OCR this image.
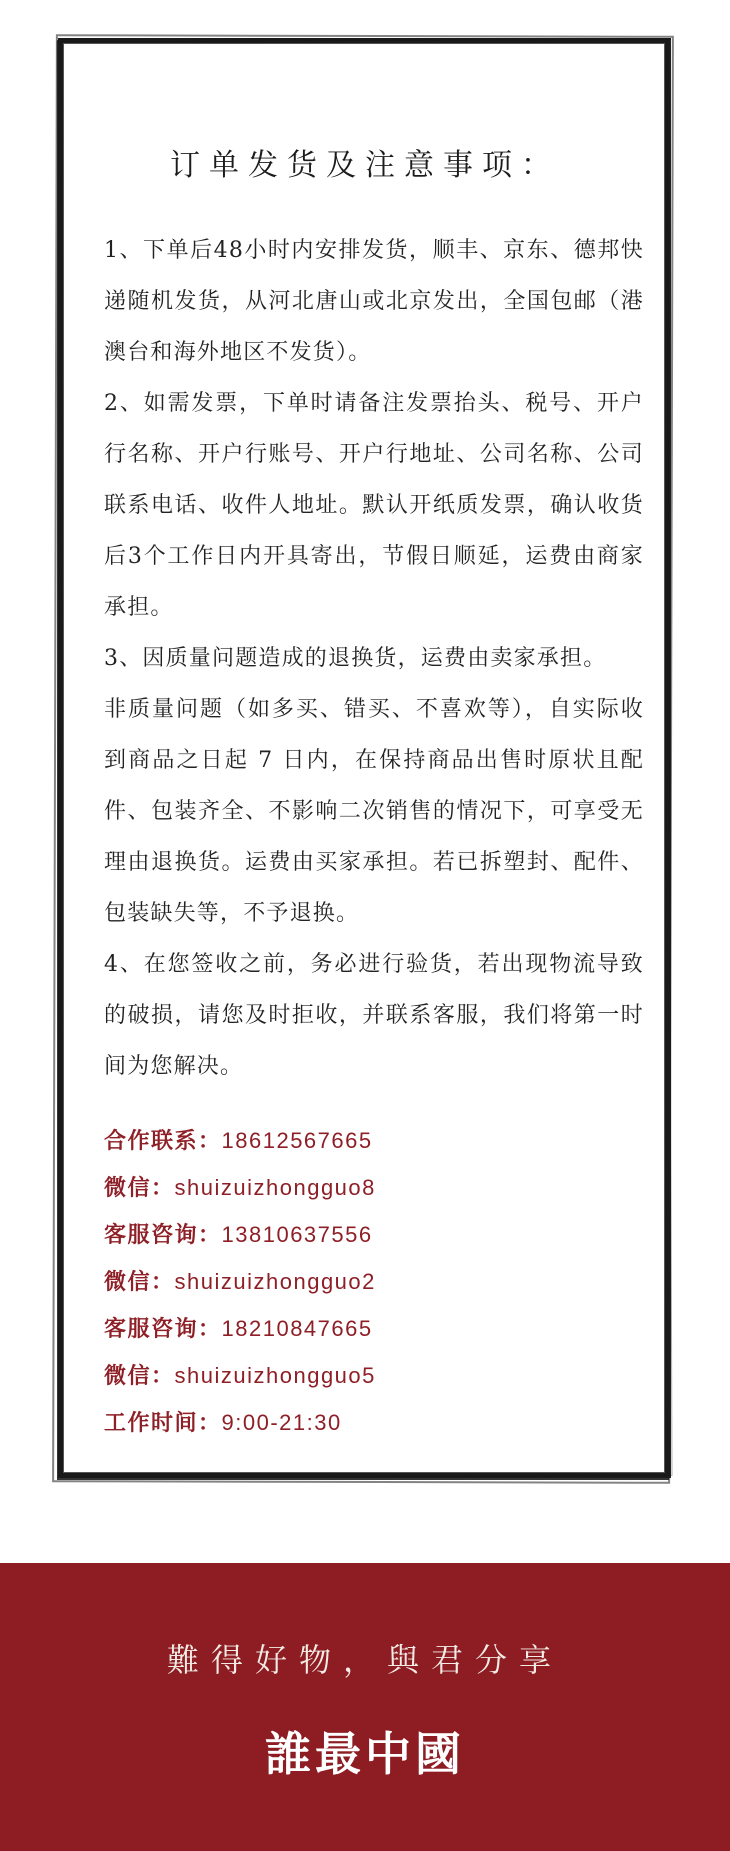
订单发货及注意事项：

1、下单后48小时内安排发货，顺丰、京东、德邦快递随机发货，从河北唐山或北京发出，全国包邮（港澳台和海外地区不发货）。

2、如需发票，下单时请备注发票抬头、税号、开户行名称、开户行账号、开户行地址、公司名称、公司联系电话、收件人地址。默认开纸质发票，确认收货后3个工作日内开具寄出，节假日顺延，运费由商家承担。

3、因质量问题造成的退换货，运费由卖家承担。

非质量问题（如多买、错买、不喜欢等），自实际收到商品之日起 7 日内，在保持商品出售时原状且配件、包装齐全、不影响二次销售的情况下，可享受无理由退换货。运费由买家承担。若已拆塑封、配件、包装缺失等，不予退换。

4、在您签收之前，务必进行验货，若出现物流导致的破损，请您及时拒收，并联系客服，我们将第一时间为您解决。

合作联系：18612567665
微信：shuizuizhongguo8
客服咨询：13810637556
微信：shuizuizhongguo2
客服咨询：18210847665
微信：shuizuizhongguo5
工作时间：9:00-21:30
難得好物，與君分享
誰最中國
